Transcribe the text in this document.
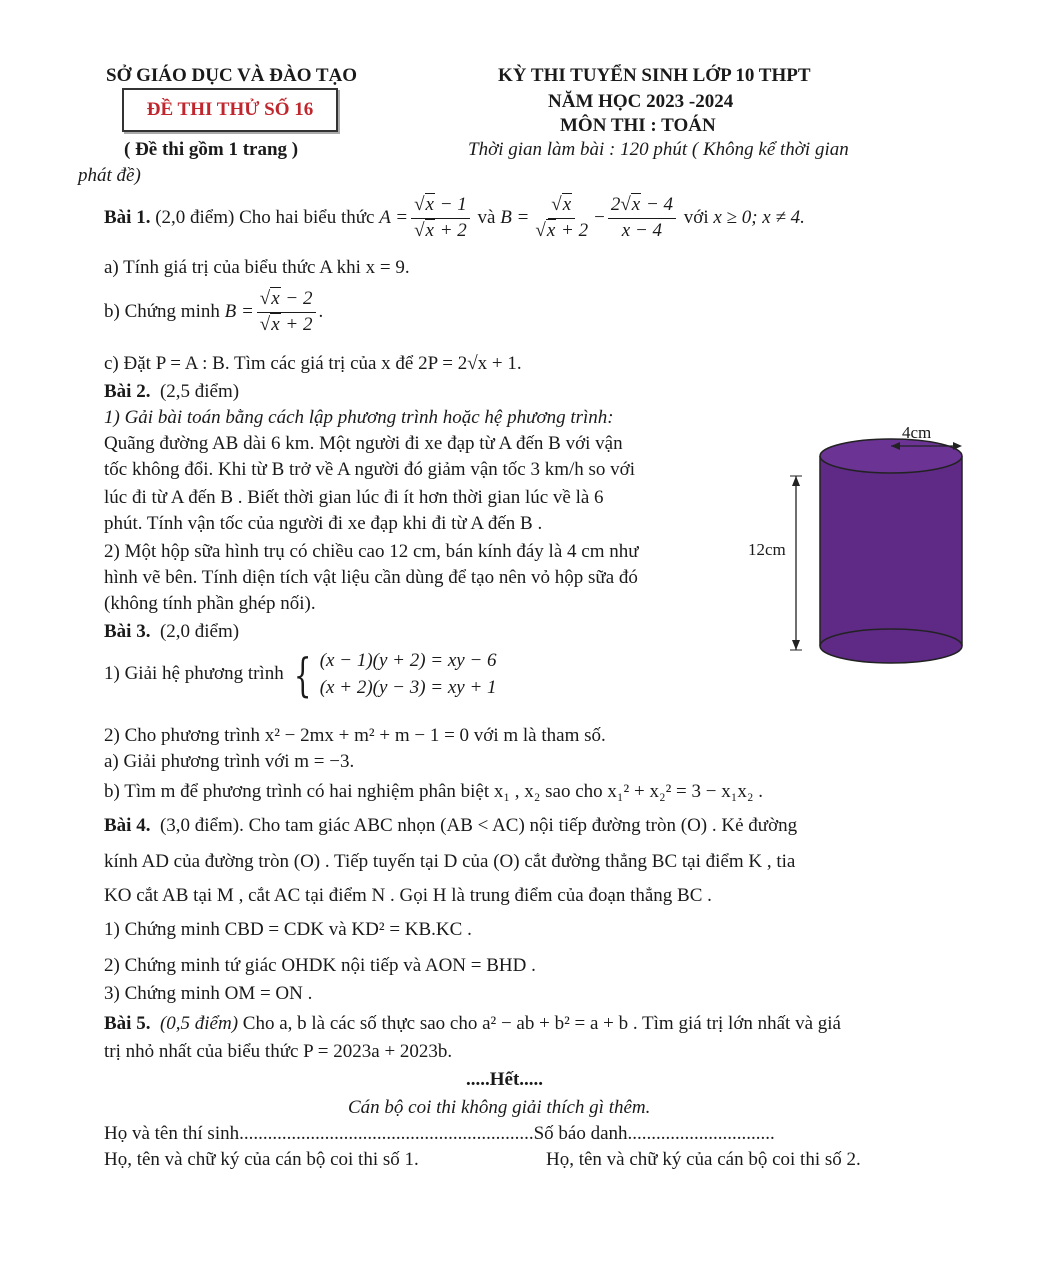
SỞ GIÁO DỤC VÀ ĐÀO TẠO
ĐỀ THI THỬ SỐ 16
( Đề thi gồm 1 trang )
KỲ THI TUYỂN SINH LỚP 10 THPT
NĂM HỌC 2023 -2024
MÔN THI : TOÁN
Thời gian làm bài : 120 phút ( Không kể thời gian
phát đề)
Bài 1.
(2,0 điểm) Cho hai biểu thức
$A = \frac{√x - 1}{√x + 2}$
và
$B = \frac{√x}{√x + 2} - \frac{2√x - 4}{x - 4}$
với
x ≥ 0; x ≠ 4.
a) Tính giá trị của biểu thức A khi x = 9.
b) Chứng minh
$B = \frac{√x - 2}{√x + 2}$ .
c) Đặt P = A : B. Tìm các giá trị của x để 2P = 2√x + 1.
Bài 2. (2,5 điểm)
1) Gải bài toán bằng cách lập phương trình hoặc hệ phương trình:
Quãng đường AB dài 6 km. Một người đi xe đạp từ A đến B với vận
tốc không đổi. Khi từ B trở về A người đó giảm vận tốc 3 km/h so với
lúc đi từ A đến B . Biết thời gian lúc đi ít hơn thời gian lúc về là 6
phút. Tính vận tốc của người đi xe đạp khi đi từ A đến B .
2) Một hộp sữa hình trụ có chiều cao 12 cm, bán kính đáy là 4 cm như
hình vẽ bên. Tính diện tích vật liệu cần dùng để tạo nên vỏ hộp sữa đó
(không tính phần ghép nối).
4cm
12cm
Bài 3. (2,0 điểm)
1) Giải hệ phương trình
{ (x − 1)(y + 2) = xy − 6
(x + 2)(y − 3) = xy + 1
2) Cho phương trình x² − 2mx + m² + m − 1 = 0 với m là tham số.
a) Giải phương trình với m = −3.
b) Tìm m để phương trình có hai nghiệm phân biệt x₁ , x₂ sao cho x₁² + x₂² = 3 − x₁x₂ .
Bài 4. (3,0 điểm). Cho tam giác ABC nhọn (AB < AC) nội tiếp đường tròn (O) . Kẻ đường
kính AD của đường tròn (O) . Tiếp tuyến tại D của (O) cắt đường thẳng BC tại điểm K , tia
KO cắt AB tại M , cắt AC tại điểm N . Gọi H là trung điểm của đoạn thẳng BC .
1) Chứng minh CBD = CDK và KD² = KB.KC .
2) Chứng minh tứ giác OHDK nội tiếp và AON = BHD .
3) Chứng minh OM = ON .
Bài 5. (0,5 điểm) Cho a, b là các số thực sao cho a² − ab + b² = a + b . Tìm giá trị lớn nhất và giá
trị nhỏ nhất của biểu thức P = 2023a + 2023b.
.....Hết.....
Cán bộ coi thi không giải thích gì thêm.
Họ và tên thí sinh..............................................................Số báo danh...............................
Họ, tên và chữ ký của cán bộ coi thi số 1.	Họ, tên và chữ ký của cán bộ coi thi số 2.
